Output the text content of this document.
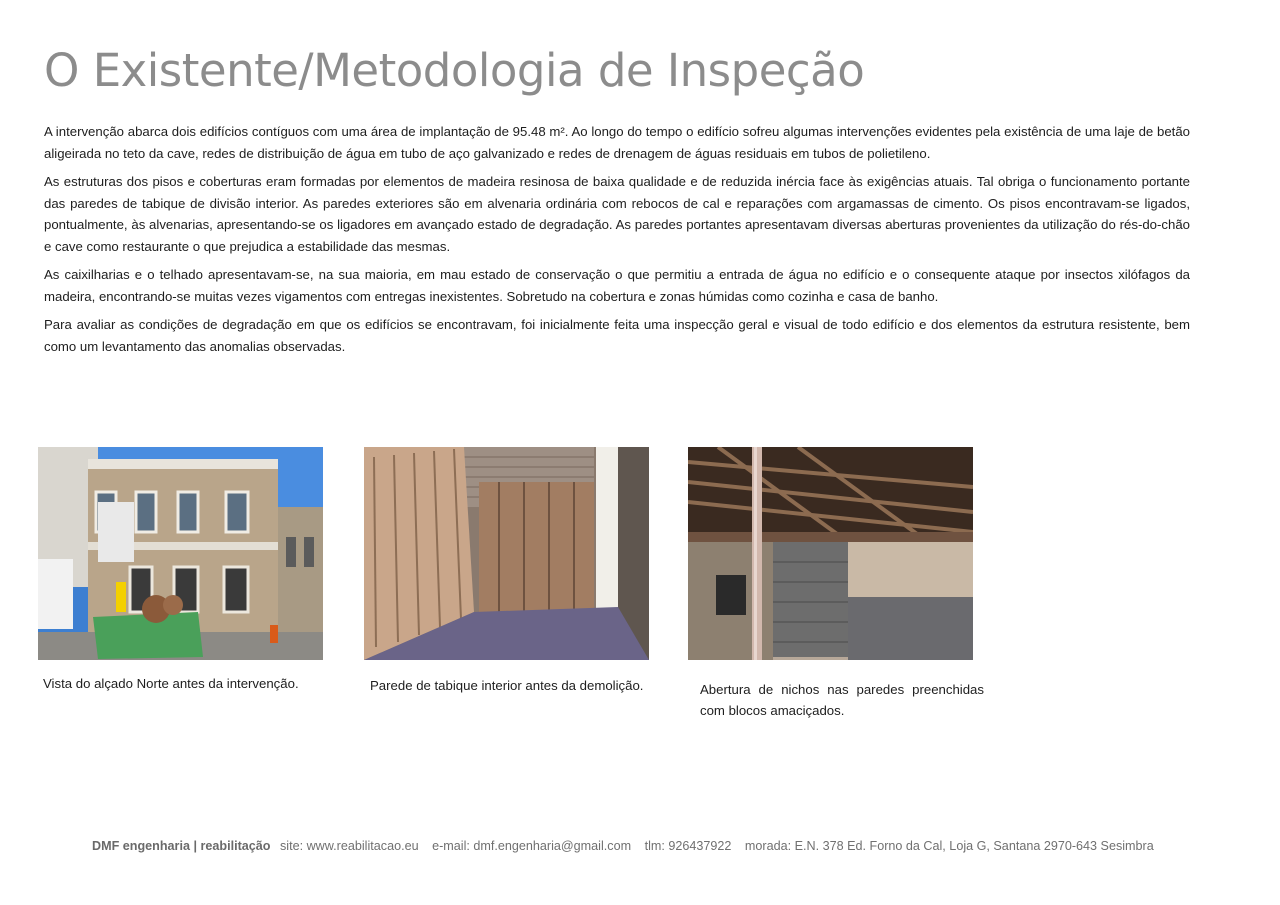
O Existente/Metodologia de Inspeção

A intervenção abarca dois edifícios contíguos com uma área de implantação de 95.48 m². Ao longo do tempo o edifício sofreu algumas intervenções evidentes pela existência de uma laje de betão aligeirada no teto da cave, redes de distribuição de água em tubo de aço galvanizado e redes de drenagem de águas residuais em tubos de polietileno.

As estruturas dos pisos e coberturas eram formadas por elementos de madeira resinosa de baixa qualidade e de reduzida inércia face às exigências atuais. Tal obriga o funcionamento portante das paredes de tabique de divisão interior. As paredes exteriores são em alvenaria ordinária com rebocos de cal e reparações com argamassas de cimento. Os pisos encontravam-se ligados, pontualmente, às alvenarias, apresentando-se os ligadores em avançado estado de degradação. As paredes portantes apresentavam diversas aberturas provenientes da utilização do rés-do-chão e cave como restaurante o que prejudica a estabilidade das mesmas.

As caixilharias e o telhado apresentavam-se, na sua maioria, em mau estado de conservação o que permitiu a entrada de água no edifício e o consequente ataque por insectos xilófagos da madeira, encontrando-se muitas vezes vigamentos com entregas inexistentes. Sobretudo na cobertura e zonas húmidas como cozinha e casa de banho.

Para avaliar as condições de degradação em que os edifícios se encontravam, foi inicialmente feita uma inspecção geral e visual de todo edifício e dos elementos da estrutura resistente, bem como um levantamento das anomalias observadas.

Vista do alçado Norte antes da intervenção.	Parede de tabique interior antes da demolição.	Abertura de nichos nas paredes preenchidas com blocos amaciçados.
DMF engenharia | reabilitação site: www.reabilitacao.eu e-mail: dmf.engenharia@gmail.com tlm: 926437922 morada: E.N. 378 Ed. Forno da Cal, Loja G, Santana 2970-643 Sesimbra
